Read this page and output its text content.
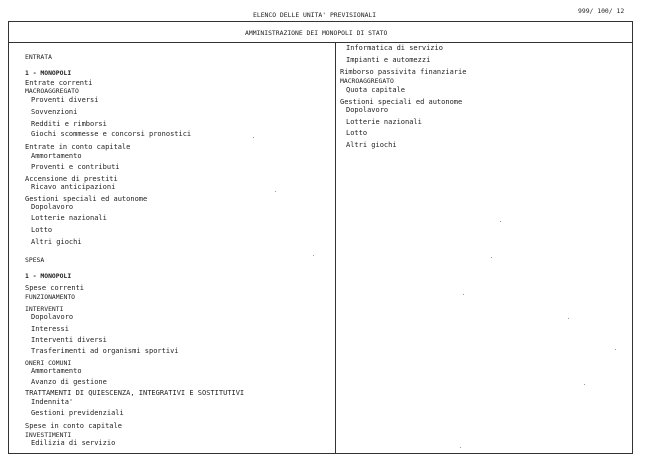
ELENCO DELLE UNITA' PREVISIONALI	999/ 100/ 12
AMMINISTRAZIONE DEI MONOPOLI DI STATO
ENTRATA
1 - MONOPOLI
Entrate correnti
MACROAGGREGATO
Proventi diversi
Sovvenzioni
Redditi e rimborsi
Giochi scommesse e concorsi pronostici
Entrate in conto capitale
Ammortamento
Proventi e contributi
Accensione di prestiti
Ricavo anticipazioni
Gestioni speciali ed autonome
Dopolavoro
Lotterie nazionali
Lotto
Altri giochi
SPESA
1 - MONOPOLI
Spese correnti
FUNZIONAMENTO
INTERVENTI
Dopolavoro
Interessi
Interventi diversi
Trasferimenti ad organismi sportivi
ONERI COMUNI
Ammortamento
Avanzo di gestione
TRATTAMENTI DI QUIESCENZA, INTEGRATIVI E SOSTITUTIVI
Indennita'
Gestioni previdenziali
Spese in conto capitale
INVESTIMENTI
Edilizia di servizio
Informatica di servizio
Impianti e automezzi
Rimborso passivita finanziarie
MACROAGGREGATO
Quota capitale
Gestioni speciali ed autonome
Dopolavoro
Lotterie nazionali
Lotto
Altri giochi
